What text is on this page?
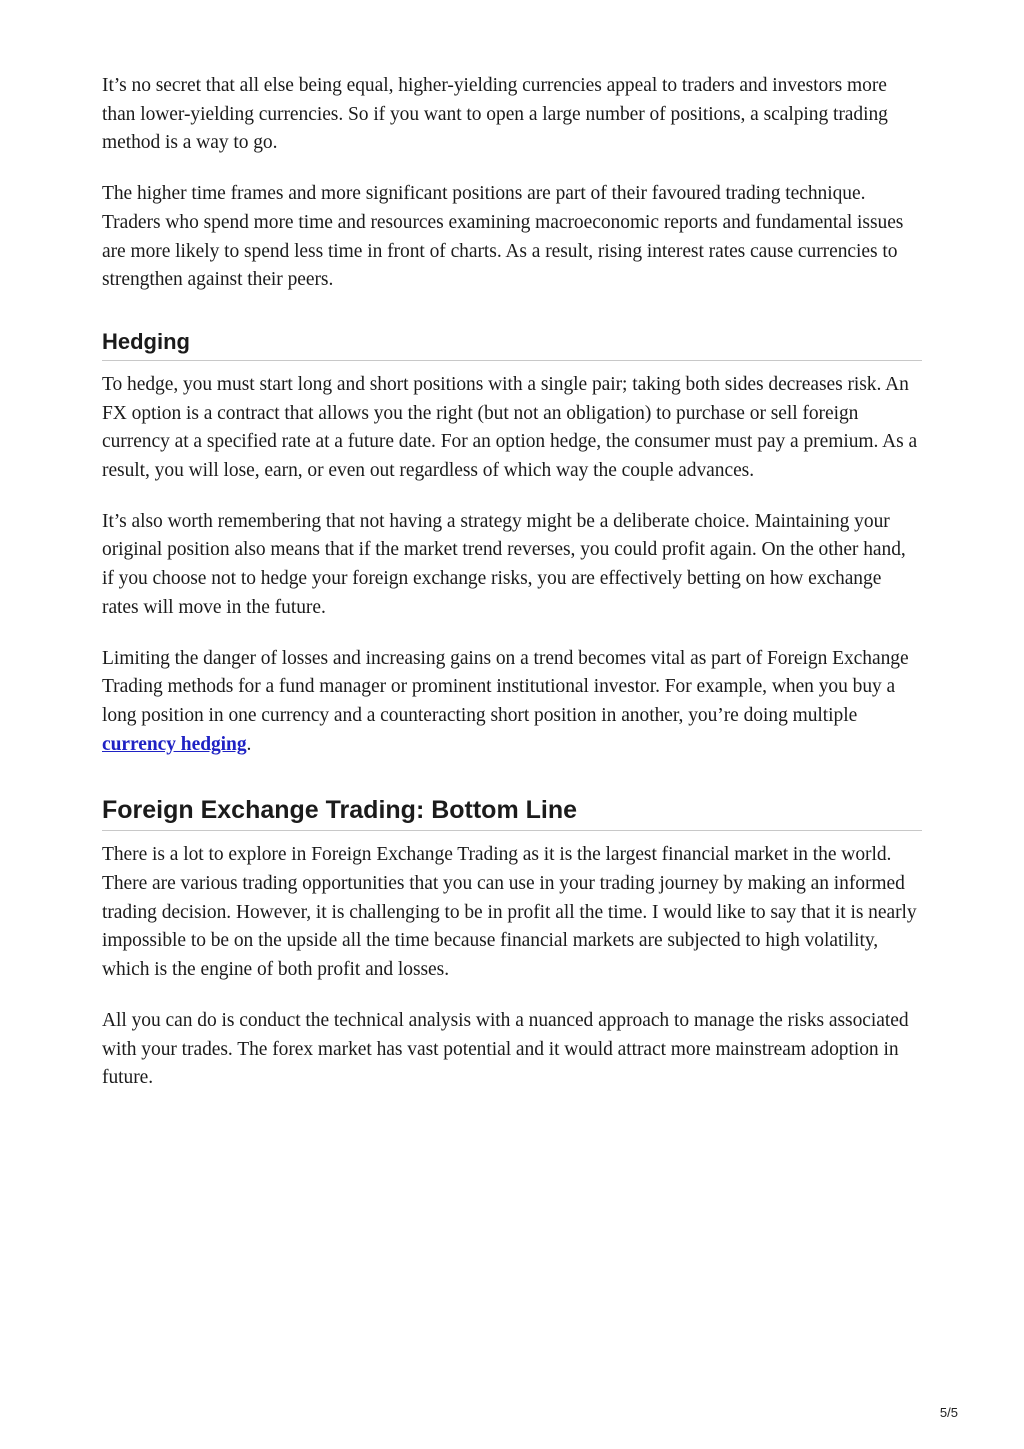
It’s no secret that all else being equal, higher-yielding currencies appeal to traders and investors more than lower-yielding currencies. So if you want to open a large number of positions, a scalping trading method is a way to go.

The higher time frames and more significant positions are part of their favoured trading technique. Traders who spend more time and resources examining macroeconomic reports and fundamental issues are more likely to spend less time in front of charts. As a result, rising interest rates cause currencies to strengthen against their peers.

Hedging

To hedge, you must start long and short positions with a single pair; taking both sides decreases risk. An FX option is a contract that allows you the right (but not an obligation) to purchase or sell foreign currency at a specified rate at a future date. For an option hedge, the consumer must pay a premium. As a result, you will lose, earn, or even out regardless of which way the couple advances.

It’s also worth remembering that not having a strategy might be a deliberate choice. Maintaining your original position also means that if the market trend reverses, you could profit again. On the other hand, if you choose not to hedge your foreign exchange risks, you are effectively betting on how exchange rates will move in the future.

Limiting the danger of losses and increasing gains on a trend becomes vital as part of Foreign Exchange Trading methods for a fund manager or prominent institutional investor. For example, when you buy a long position in one currency and a counteracting short position in another, you’re doing multiple currency hedging.

Foreign Exchange Trading: Bottom Line

There is a lot to explore in Foreign Exchange Trading as it is the largest financial market in the world. There are various trading opportunities that you can use in your trading journey by making an informed trading decision. However, it is challenging to be in profit all the time. I would like to say that it is nearly impossible to be on the upside all the time because financial markets are subjected to high volatility, which is the engine of both profit and losses.

All you can do is conduct the technical analysis with a nuanced approach to manage the risks associated with your trades. The forex market has vast potential and it would attract more mainstream adoption in future.

5/5
